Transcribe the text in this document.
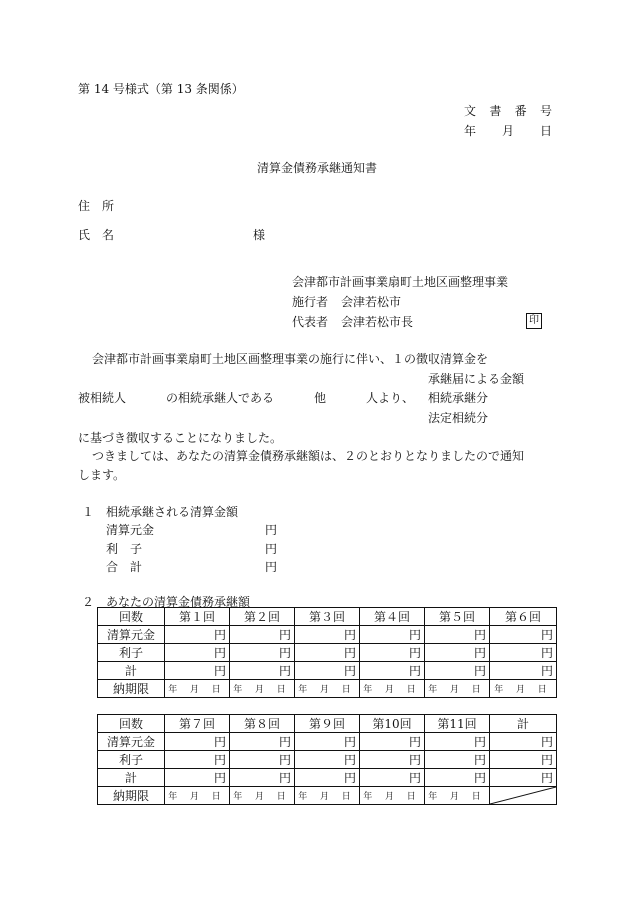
第 14 号様式（第 13 条関係）
文 書 番 号
年　　月　　日
清算金債務承継通知書
住　所
氏　名	様
会津都市計画事業扇町土地区画整理事業
施行者 会津若松市
代表者 会津若松市長	印
会津都市計画事業扇町土地区画整理事業の施行に伴い、１の徴収清算金を
承継届による金額
被相続人	の相続承継人である	他	人より、 相続承継分
法定相続分
に基づき徴収することになりました。
つきましては、あなたの清算金債務承継額は、２のとおりとなりましたので通知
します。
１　相続承継される清算金額
清算元金	円
利　子	円
合　計	円
２　あなたの清算金債務承継額
回数	第１回	第２回	第３回	第４回	第５回	第６回
清算元金	円	円	円	円	円	円
利子	円	円	円	円	円	円
計	円	円	円	円	円	円
納期限	年 月 日	年 月 日	年 月 日	年 月 日	年 月 日	年 月 日
回数	第７回	第８回	第９回	第10回	第11回	計
清算元金	円	円	円	円	円	円
利子	円	円	円	円	円	円
計	円	円	円	円	円	円
納期限	年 月 日	年 月 日	年 月 日	年 月 日	年 月 日	
